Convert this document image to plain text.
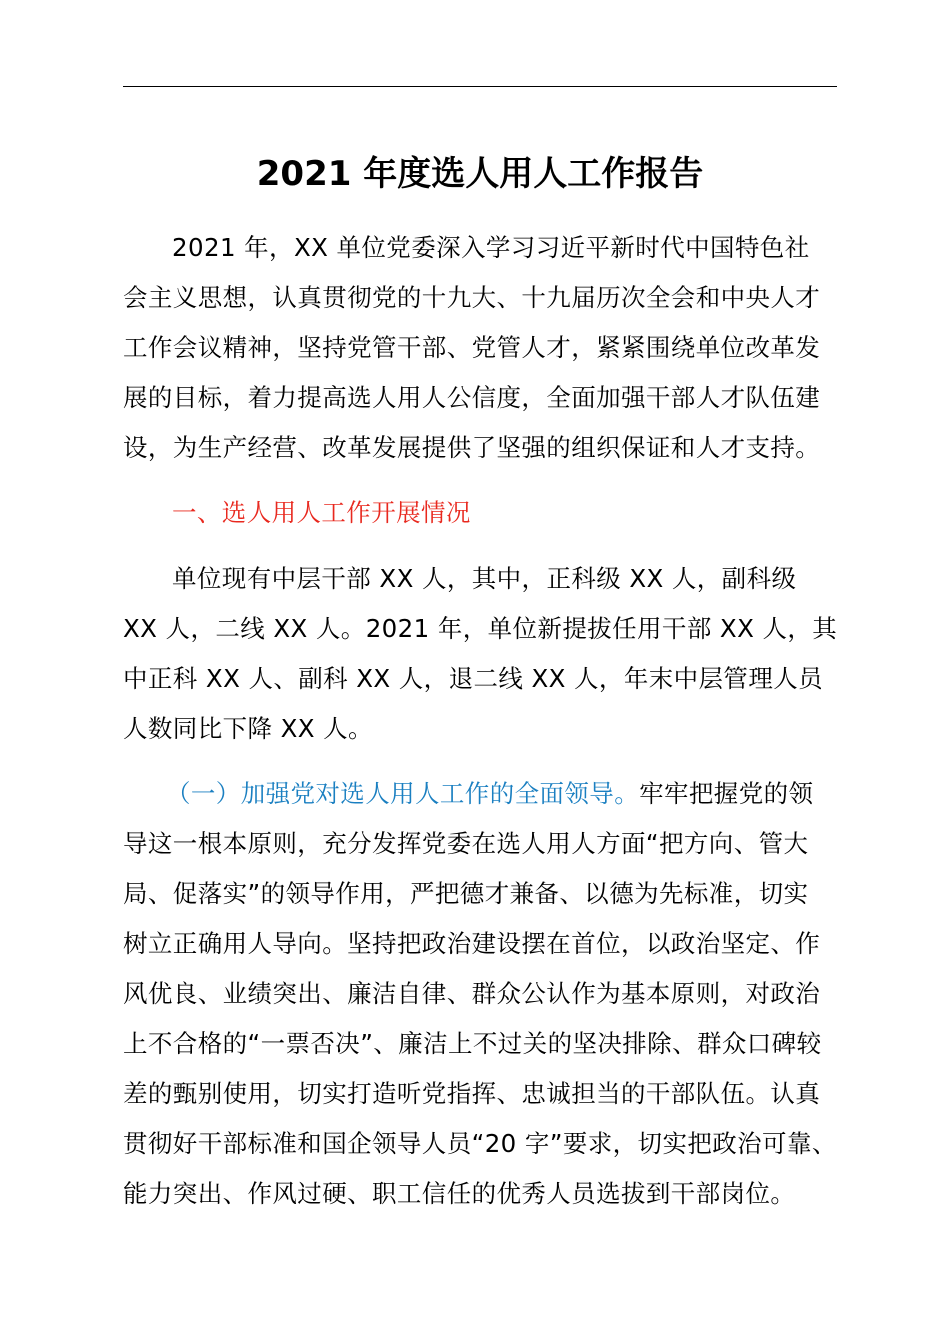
2021 年度选人用人工作报告
2021 年，XX 单位党委深入学习习近平新时代中国特色社
会主义思想，认真贯彻党的十九大、十九届历次全会和中央人才
工作会议精神，坚持党管干部、党管人才，紧紧围绕单位改革发
展的目标，着力提高选人用人公信度，全面加强干部人才队伍建
设，为生产经营、改革发展提供了坚强的组织保证和人才支持。
一、选人用人工作开展情况
单位现有中层干部 XX 人，其中，正科级 XX 人，副科级
XX 人，二线 XX 人。2021 年，单位新提拔任用干部 XX 人，其
中正科 XX 人、副科 XX 人，退二线 XX 人，年末中层管理人员
人数同比下降 XX 人。
（一）加强党对选人用人工作的全面领导。牢牢把握党的领
导这一根本原则，充分发挥党委在选人用人方面“把方向、管大
局、促落实”的领导作用，严把德才兼备、以德为先标准，切实
树立正确用人导向。坚持把政治建设摆在首位，以政治坚定、作
风优良、业绩突出、廉洁自律、群众公认作为基本原则，对政治
上不合格的“一票否决”、廉洁上不过关的坚决排除、群众口碑较
差的甄别使用，切实打造听党指挥、忠诚担当的干部队伍。认真
贯彻好干部标准和国企领导人员“20 字”要求，切实把政治可靠、
能力突出、作风过硬、职工信任的优秀人员选拔到干部岗位。
